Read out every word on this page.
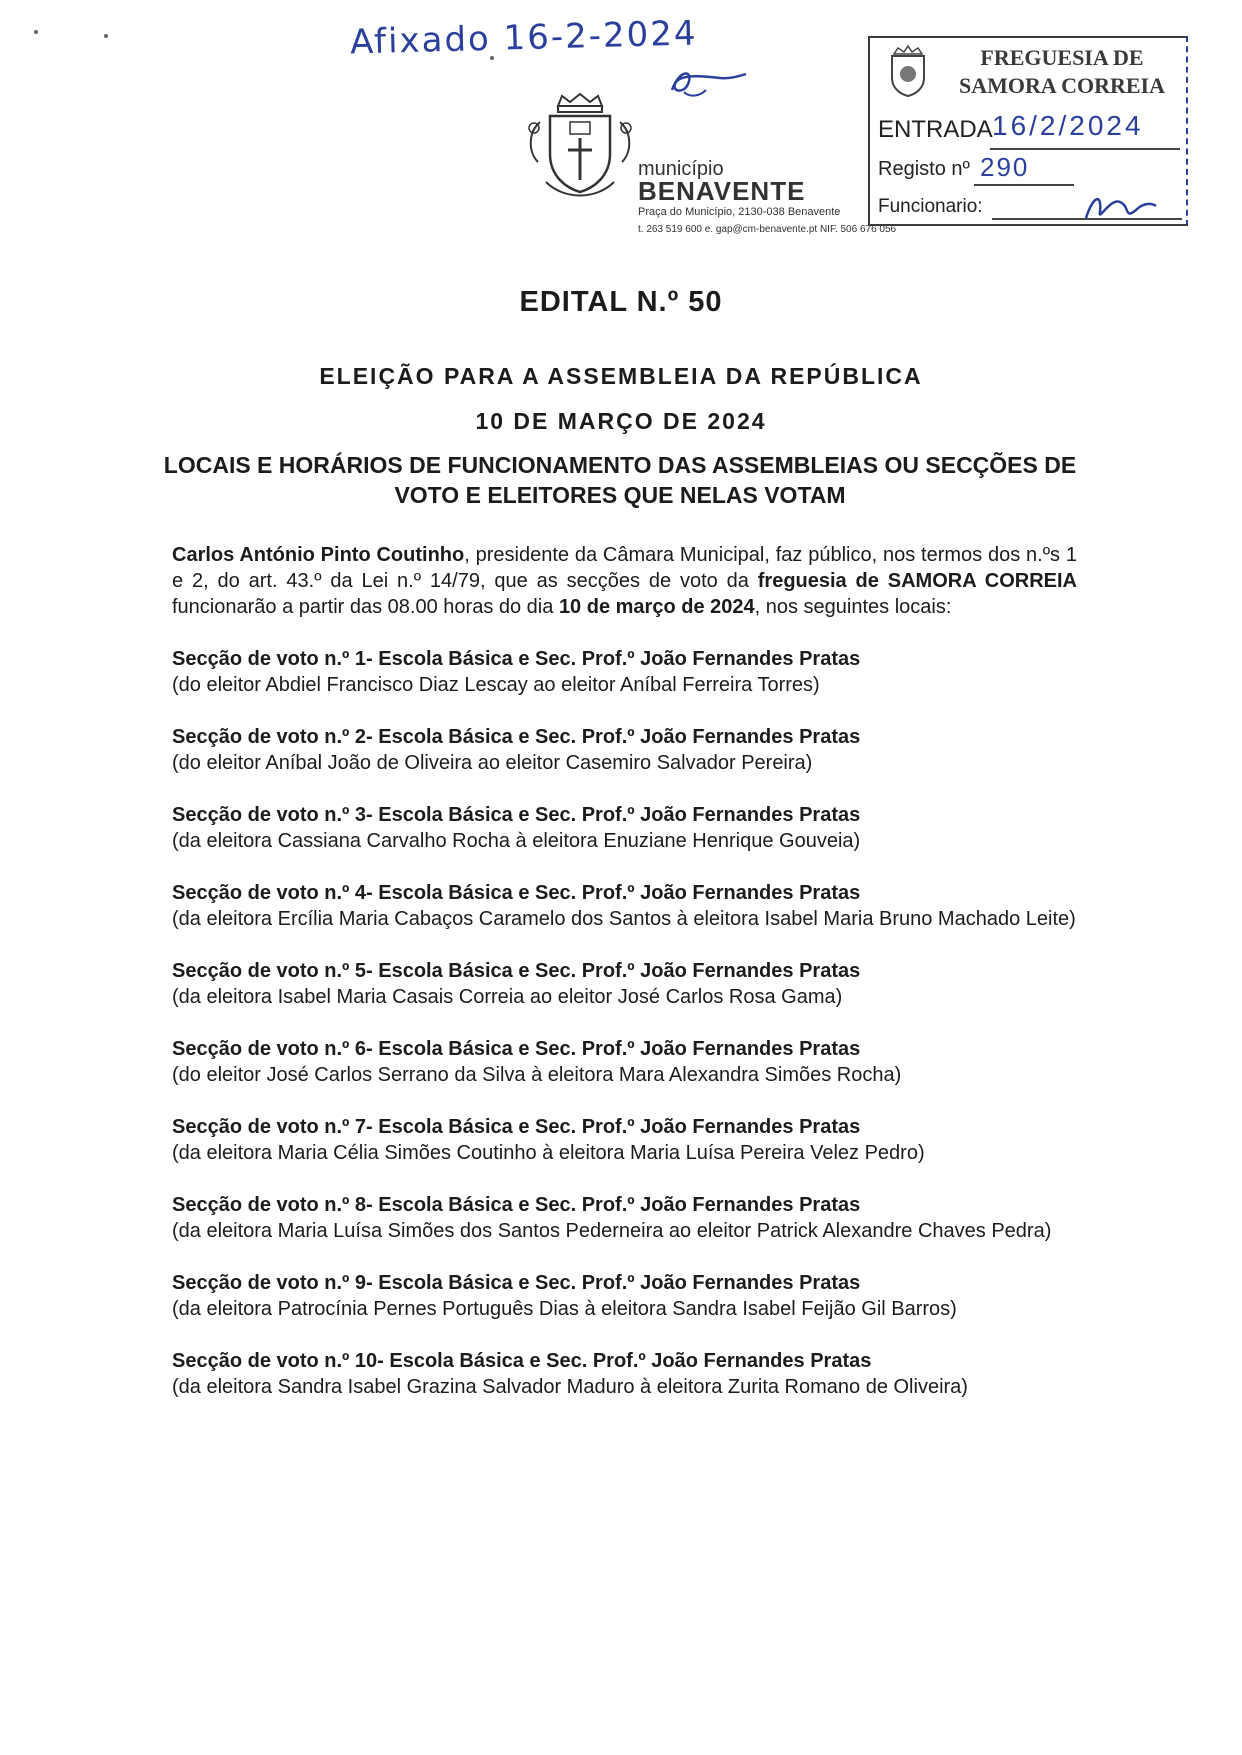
Afixado 16-2-2024
município
BENAVENTE
Praça do Município, 2130-038 Benavente
t. 263 519 600 e. gap@cm-benavente.pt NIF. 506 676 056
FREGUESIA DE
SAMORA CORREIA
ENTRADA 16/2/2024
Registo nº 290
Funcionario:
EDITAL N.º 50
ELEIÇÃO PARA A ASSEMBLEIA DA REPÚBLICA
10 DE MARÇO DE 2024
LOCAIS E HORÁRIOS DE FUNCIONAMENTO DAS ASSEMBLEIAS OU SECÇÕES DE VOTO E ELEITORES QUE NELAS VOTAM

Carlos António Pinto Coutinho, presidente da Câmara Municipal, faz público, nos termos dos n.ºs 1 e 2, do art. 43.º da Lei n.º 14/79, que as secções de voto da freguesia de SAMORA CORREIA funcionarão a partir das 08.00 horas do dia 10 de março de 2024, nos seguintes locais:

Secção de voto n.º 1- Escola Básica e Sec. Prof.º João Fernandes Pratas
(do eleitor Abdiel Francisco Diaz Lescay ao eleitor Aníbal Ferreira Torres)
Secção de voto n.º 2- Escola Básica e Sec. Prof.º João Fernandes Pratas
(do eleitor Aníbal João de Oliveira ao eleitor Casemiro Salvador Pereira)
Secção de voto n.º 3- Escola Básica e Sec. Prof.º João Fernandes Pratas
(da eleitora Cassiana Carvalho Rocha à eleitora Enuziane Henrique Gouveia)
Secção de voto n.º 4- Escola Básica e Sec. Prof.º João Fernandes Pratas
(da eleitora Ercília Maria Cabaços Caramelo dos Santos à eleitora Isabel Maria Bruno Machado Leite)
Secção de voto n.º 5- Escola Básica e Sec. Prof.º João Fernandes Pratas
(da eleitora Isabel Maria Casais Correia ao eleitor José Carlos Rosa Gama)
Secção de voto n.º 6- Escola Básica e Sec. Prof.º João Fernandes Pratas
(do eleitor José Carlos Serrano da Silva à eleitora Mara Alexandra Simões Rocha)
Secção de voto n.º 7- Escola Básica e Sec. Prof.º João Fernandes Pratas
(da eleitora Maria Célia Simões Coutinho à eleitora Maria Luísa Pereira Velez Pedro)
Secção de voto n.º 8- Escola Básica e Sec. Prof.º João Fernandes Pratas
(da eleitora Maria Luísa Simões dos Santos Pederneira ao eleitor Patrick Alexandre Chaves Pedra)
Secção de voto n.º 9- Escola Básica e Sec. Prof.º João Fernandes Pratas
(da eleitora Patrocínia Pernes Português Dias à eleitora Sandra Isabel Feijão Gil Barros)
Secção de voto n.º 10- Escola Básica e Sec. Prof.º João Fernandes Pratas
(da eleitora Sandra Isabel Grazina Salvador Maduro à eleitora Zurita Romano de Oliveira)
